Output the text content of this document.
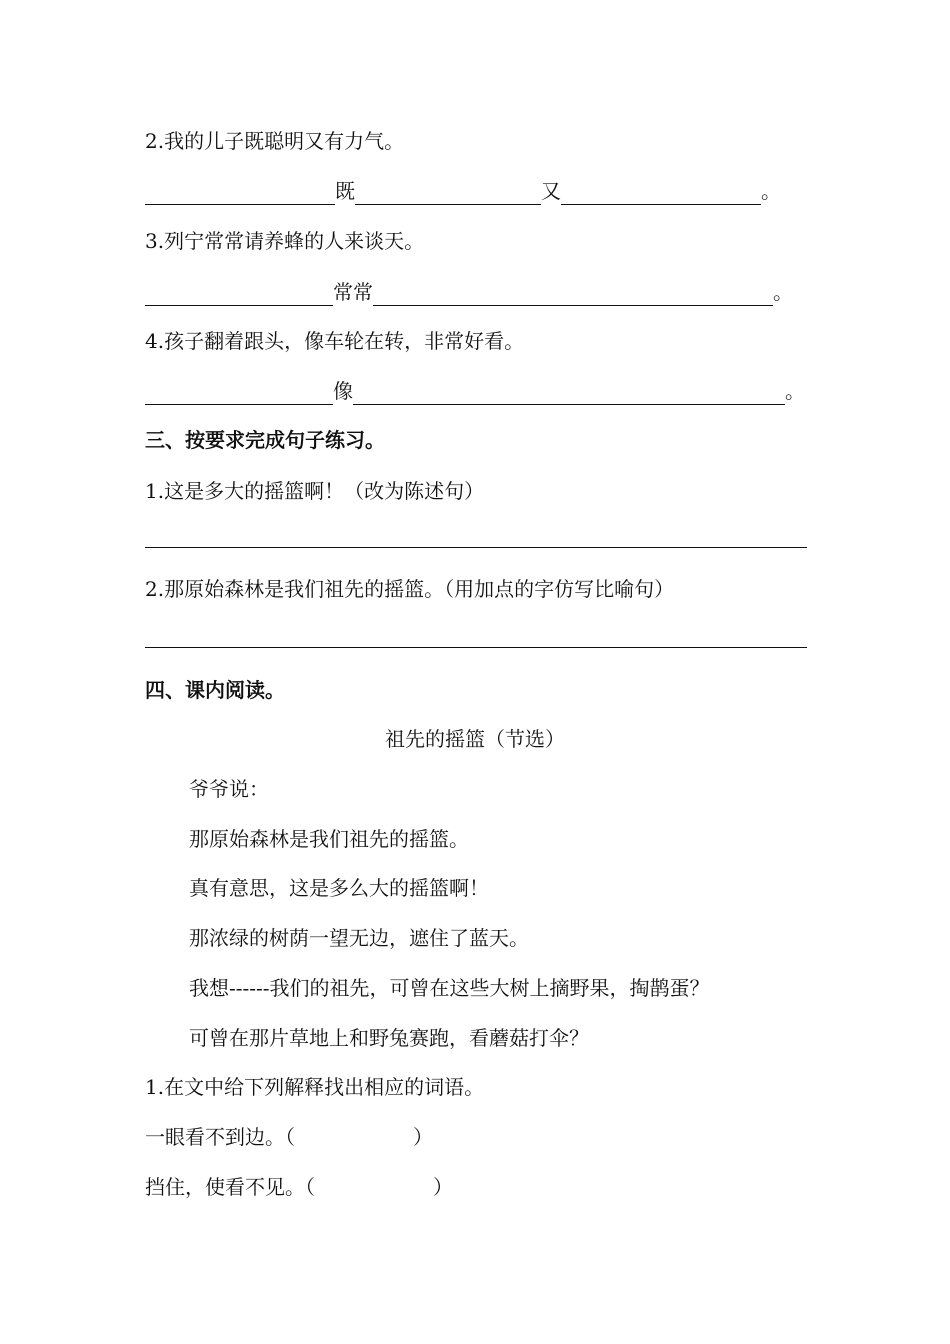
2.我的儿子既聪明又有力气。
既	又	。
3.列宁常常请养蜂的人来谈天。
常常	。
4.孩子翻着跟头，像车轮在转，非常好看。
像	。
三、按要求完成句子练习。
1.这是多大的摇篮啊！（改为陈述句）
2.那原始森林是我们祖先的摇篮。（用加点的字仿写比喻句）
四、课内阅读。
祖先的摇篮（节选）
爷爷说：
那原始森林是我们祖先的摇篮。
真有意思，这是多么大的摇篮啊！
那浓绿的树荫一望无边，遮住了蓝天。
我想------我们的祖先，可曾在这些大树上摘野果，掏鹊蛋？
可曾在那片草地上和野兔赛跑，看蘑菇打伞？
1.在文中给下列解释找出相应的词语。
一眼看不到边。（	）
挡住，使看不见。（	）
